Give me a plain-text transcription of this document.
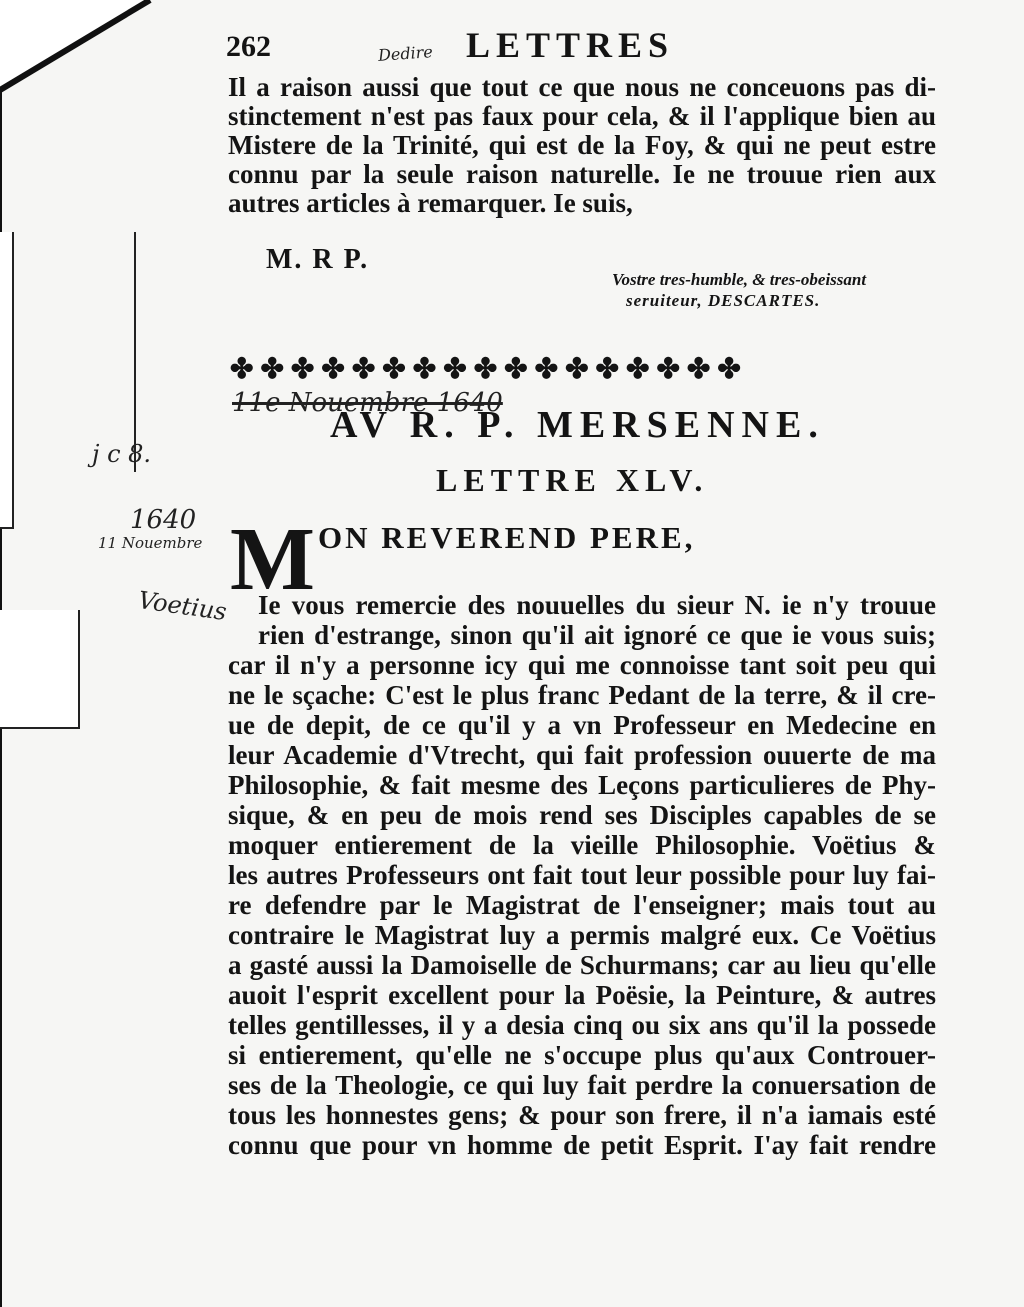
262	Dedire LETTRES
Il a raison aussi que tout ce que nous ne conceuons pas di-
stinctement n'est pas faux pour cela, & il l'applique bien au
Mistere de la Trinité, qui est de la Foy, & qui ne peut estre
connu par la seule raison naturelle. Ie ne trouue rien aux
autres articles à remarquer. Ie suis,
M. R P.
Vostre tres-humble, & tres-obeissant
seruiteur, DESCARTES.
✤ ✤ ✤ ✤ ✤ ✤ ✤ ✤ ✤ ✤ ✤ ✤ ✤ ✤ ✤ ✤ ✤
11e Nouembre 1640
AV R. P. MERSENNE.
LETTRE XLV.
M ON REVEREND PERE,
Ie vous remercie des nouuelles du sieur N. ie n'y trouue
rien d'estrange, sinon qu'il ait ignoré ce que ie vous suis;
car il n'y a personne icy qui me connoisse tant soit peu qui
ne le sçache: C'est le plus franc Pedant de la terre, & il cre-
ue de depit, de ce qu'il y a vn Professeur en Medecine en
leur Academie d'Vtrecht, qui fait profession ouuerte de ma
Philosophie, & fait mesme des Leçons particulieres de Phy-
sique, & en peu de mois rend ses Disciples capables de se
moquer entierement de la vieille Philosophie. Voëtius &
les autres Professeurs ont fait tout leur possible pour luy fai-
re defendre par le Magistrat de l'enseigner; mais tout au
contraire le Magistrat luy a permis malgré eux. Ce Voëtius
a gasté aussi la Damoiselle de Schurmans; car au lieu qu'elle
auoit l'esprit excellent pour la Poësie, la Peinture, & autres
telles gentillesses, il y a desia cinq ou six ans qu'il la possede
si entierement, qu'elle ne s'occupe plus qu'aux Controuer-
ses de la Theologie, ce qui luy fait perdre la conuersation de
tous les honnestes gens; & pour son frere, il n'a iamais esté
connu que pour vn homme de petit Esprit. I'ay fait rendre
j c 8.
1640
11 Nouembre
Voetius
